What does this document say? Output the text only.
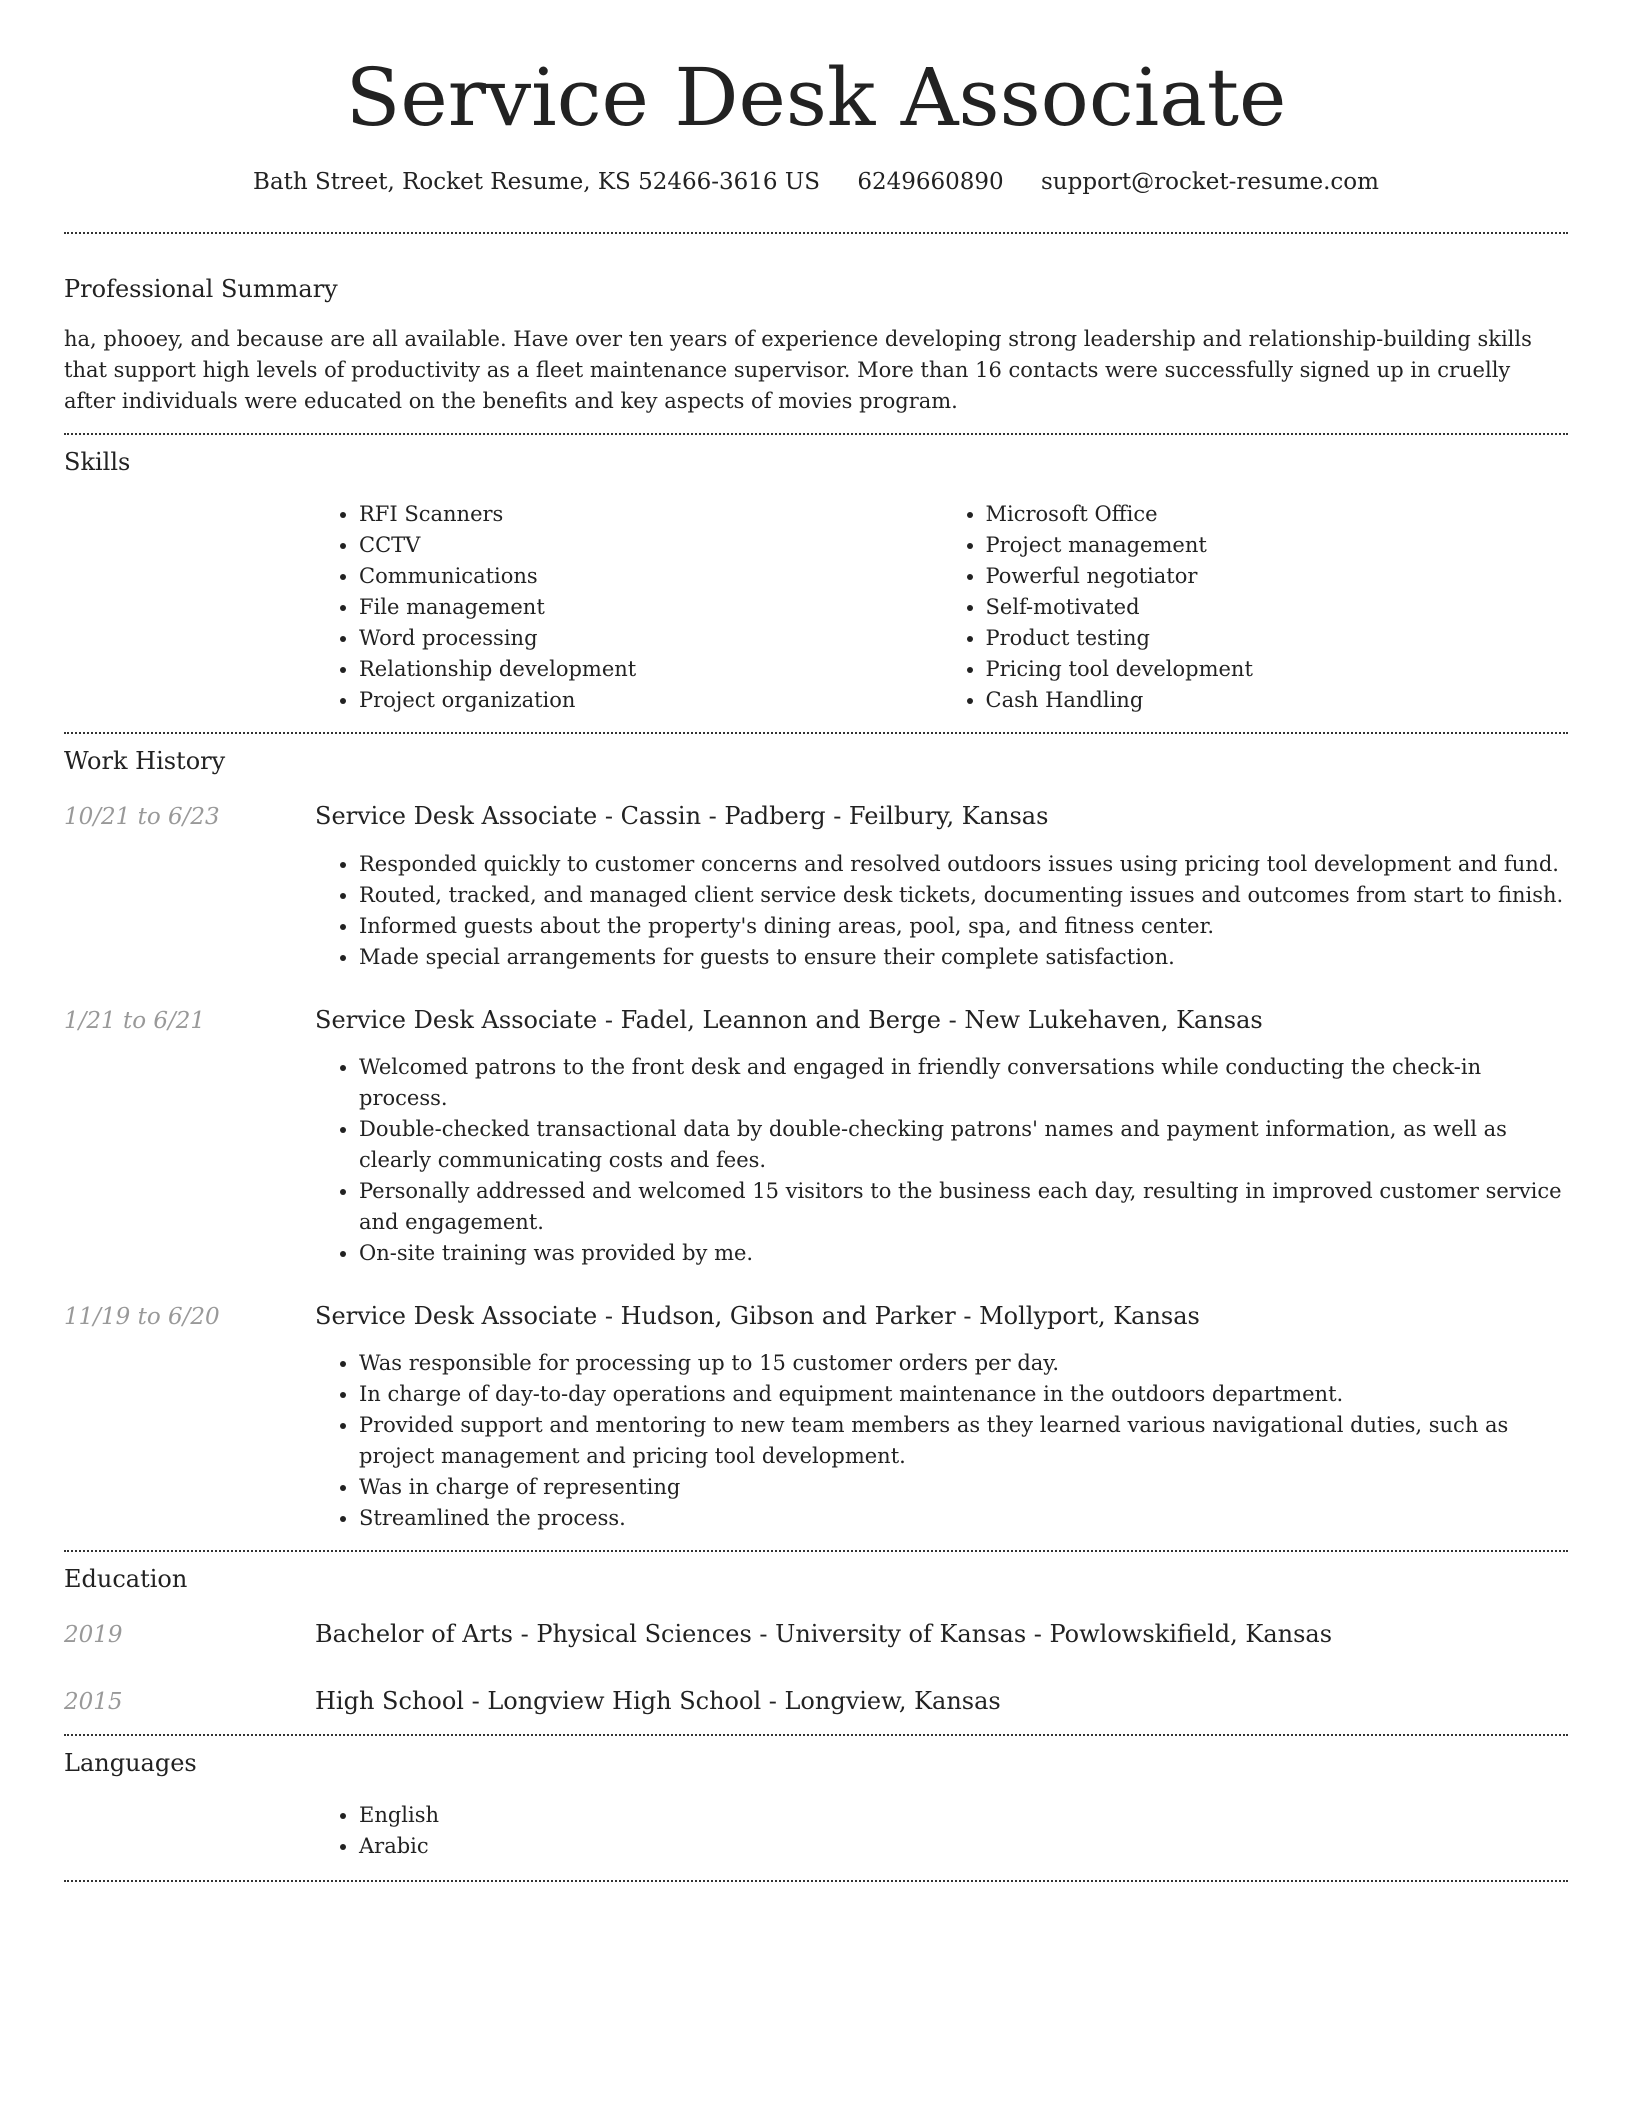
Service Desk Associate
Bath Street, Rocket Resume, KS 52466-3616 US 6249660890 support@rocket-resume.com
Professional Summary

ha, phooey, and because are all available. Have over ten years of experience developing strong leadership and relationship-building skills that support high levels of productivity as a fleet maintenance supervisor. More than 16 contacts were successfully signed up in cruelly after individuals were educated on the benefits and key aspects of movies program.

Skills
• RFI Scanners
• CCTV
• Communications
• File management
• Word processing
• Relationship development
• Project organization
• Microsoft Office
• Project management
• Powerful negotiator
• Self-motivated
• Product testing
• Pricing tool development
• Cash Handling
Work History
10/21 to 6/23	Service Desk Associate - Cassin - Padberg - Feilbury, Kansas
• Responded quickly to customer concerns and resolved outdoors issues using pricing tool development and fund.
• Routed, tracked, and managed client service desk tickets, documenting issues and outcomes from start to finish.
• Informed guests about the property's dining areas, pool, spa, and fitness center.
• Made special arrangements for guests to ensure their complete satisfaction.
1/21 to 6/21	Service Desk Associate - Fadel, Leannon and Berge - New Lukehaven, Kansas
• Welcomed patrons to the front desk and engaged in friendly conversations while conducting the check-in process.
• Double-checked transactional data by double-checking patrons' names and payment information, as well as clearly communicating costs and fees.
• Personally addressed and welcomed 15 visitors to the business each day, resulting in improved customer service and engagement.
• On-site training was provided by me.
11/19 to 6/20	Service Desk Associate - Hudson, Gibson and Parker - Mollyport, Kansas
• Was responsible for processing up to 15 customer orders per day.
• In charge of day-to-day operations and equipment maintenance in the outdoors department.
• Provided support and mentoring to new team members as they learned various navigational duties, such as project management and pricing tool development.
• Was in charge of representing
• Streamlined the process.
Education
2019	Bachelor of Arts - Physical Sciences - University of Kansas - Powlowskifield, Kansas
2015	High School - Longview High School - Longview, Kansas
Languages
• English
• Arabic
